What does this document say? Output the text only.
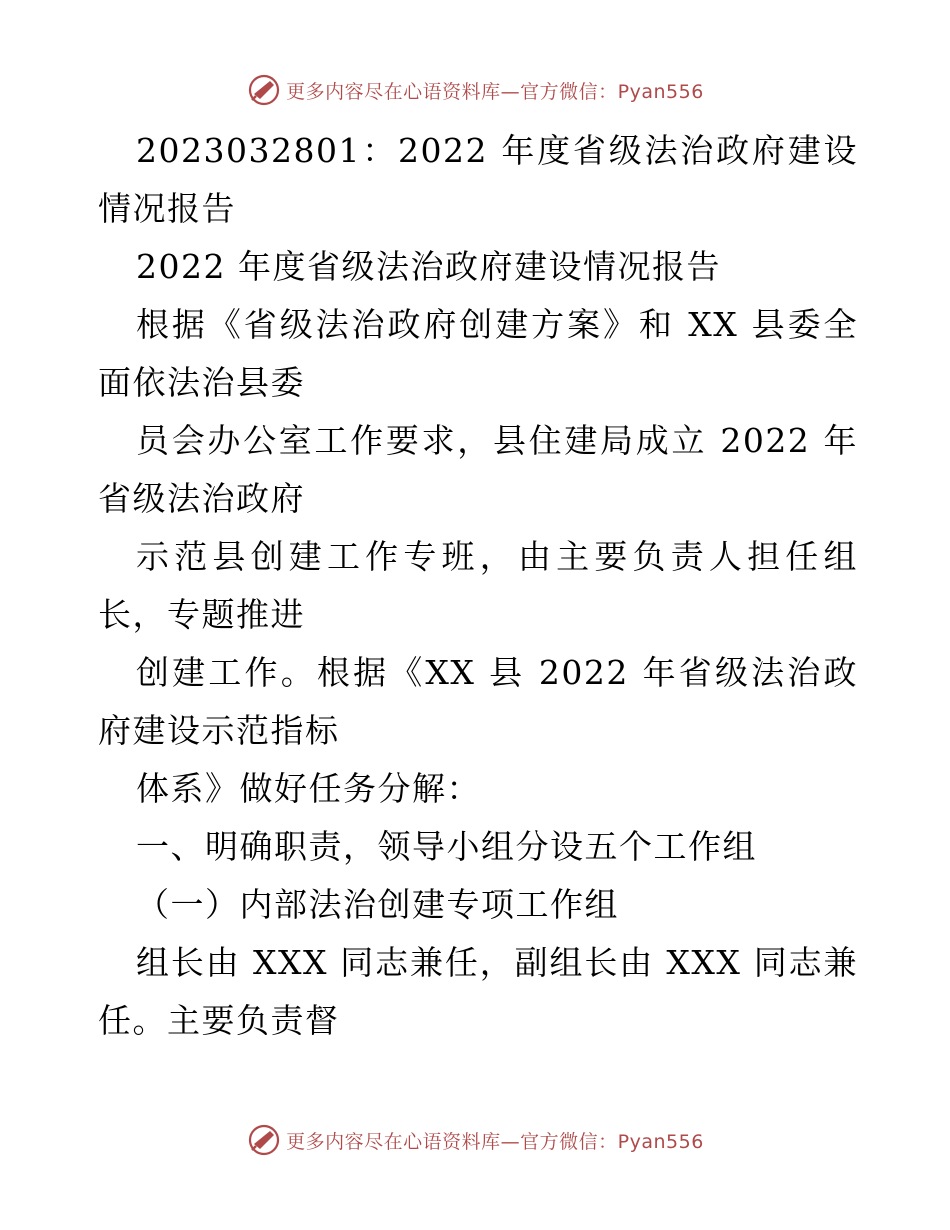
更多内容尽在心语资料库—官方微信：Pyan556

2023032801：2022 年度省级法治政府建设情况报告

2022 年度省级法治政府建设情况报告

根据《省级法治政府创建方案》和 XX 县委全面依法治县委

员会办公室工作要求，县住建局成立 2022 年省级法治政府

示范县创建工作专班，由主要负责人担任组长，专题推进

创建工作。根据《XX 县 2022 年省级法治政府建设示范指标

体系》做好任务分解：

一、明确职责，领导小组分设五个工作组

（一）内部法治创建专项工作组

组长由 XXX 同志兼任，副组长由 XXX 同志兼任。主要负责督

更多内容尽在心语资料库—官方微信：Pyan556
